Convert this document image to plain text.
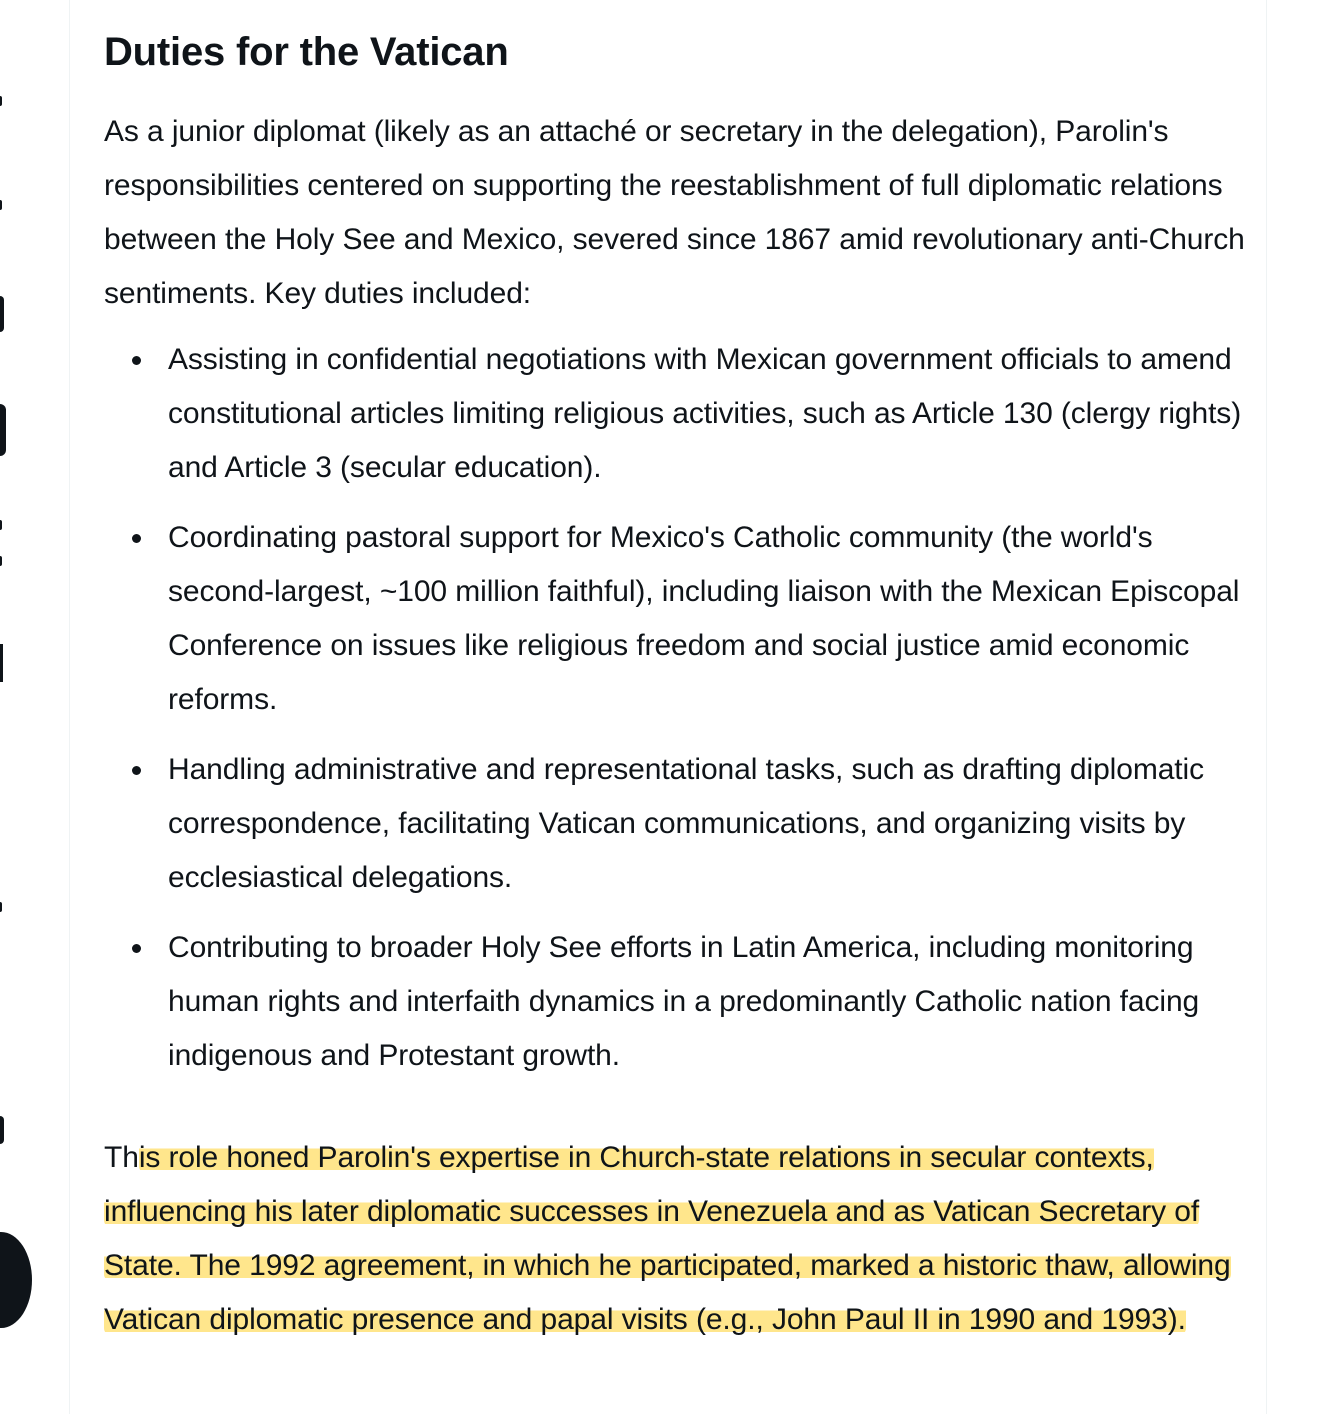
Duties for the Vatican

As a junior diplomat (likely as an attaché or secretary in the delegation), Parolin's responsibilities centered on supporting the reestablishment of full diplomatic relations between the Holy See and Mexico, severed since 1867 amid revolutionary anti-Church sentiments. Key duties included:

Assisting in confidential negotiations with Mexican government officials to amend constitutional articles limiting religious activities, such as Article 130 (clergy rights) and Article 3 (secular education).
Coordinating pastoral support for Mexico's Catholic community (the world's second-largest, ~100 million faithful), including liaison with the Mexican Episcopal Conference on issues like religious freedom and social justice amid economic reforms.
Handling administrative and representational tasks, such as drafting diplomatic correspondence, facilitating Vatican communications, and organizing visits by ecclesiastical delegations.
Contributing to broader Holy See efforts in Latin America, including monitoring human rights and interfaith dynamics in a predominantly Catholic nation facing indigenous and Protestant growth.

This role honed Parolin's expertise in Church-state relations in secular contexts, influencing his later diplomatic successes in Venezuela and as Vatican Secretary of State. The 1992 agreement, in which he participated, marked a historic thaw, allowing Vatican diplomatic presence and papal visits (e.g., John Paul II in 1990 and 1993).
